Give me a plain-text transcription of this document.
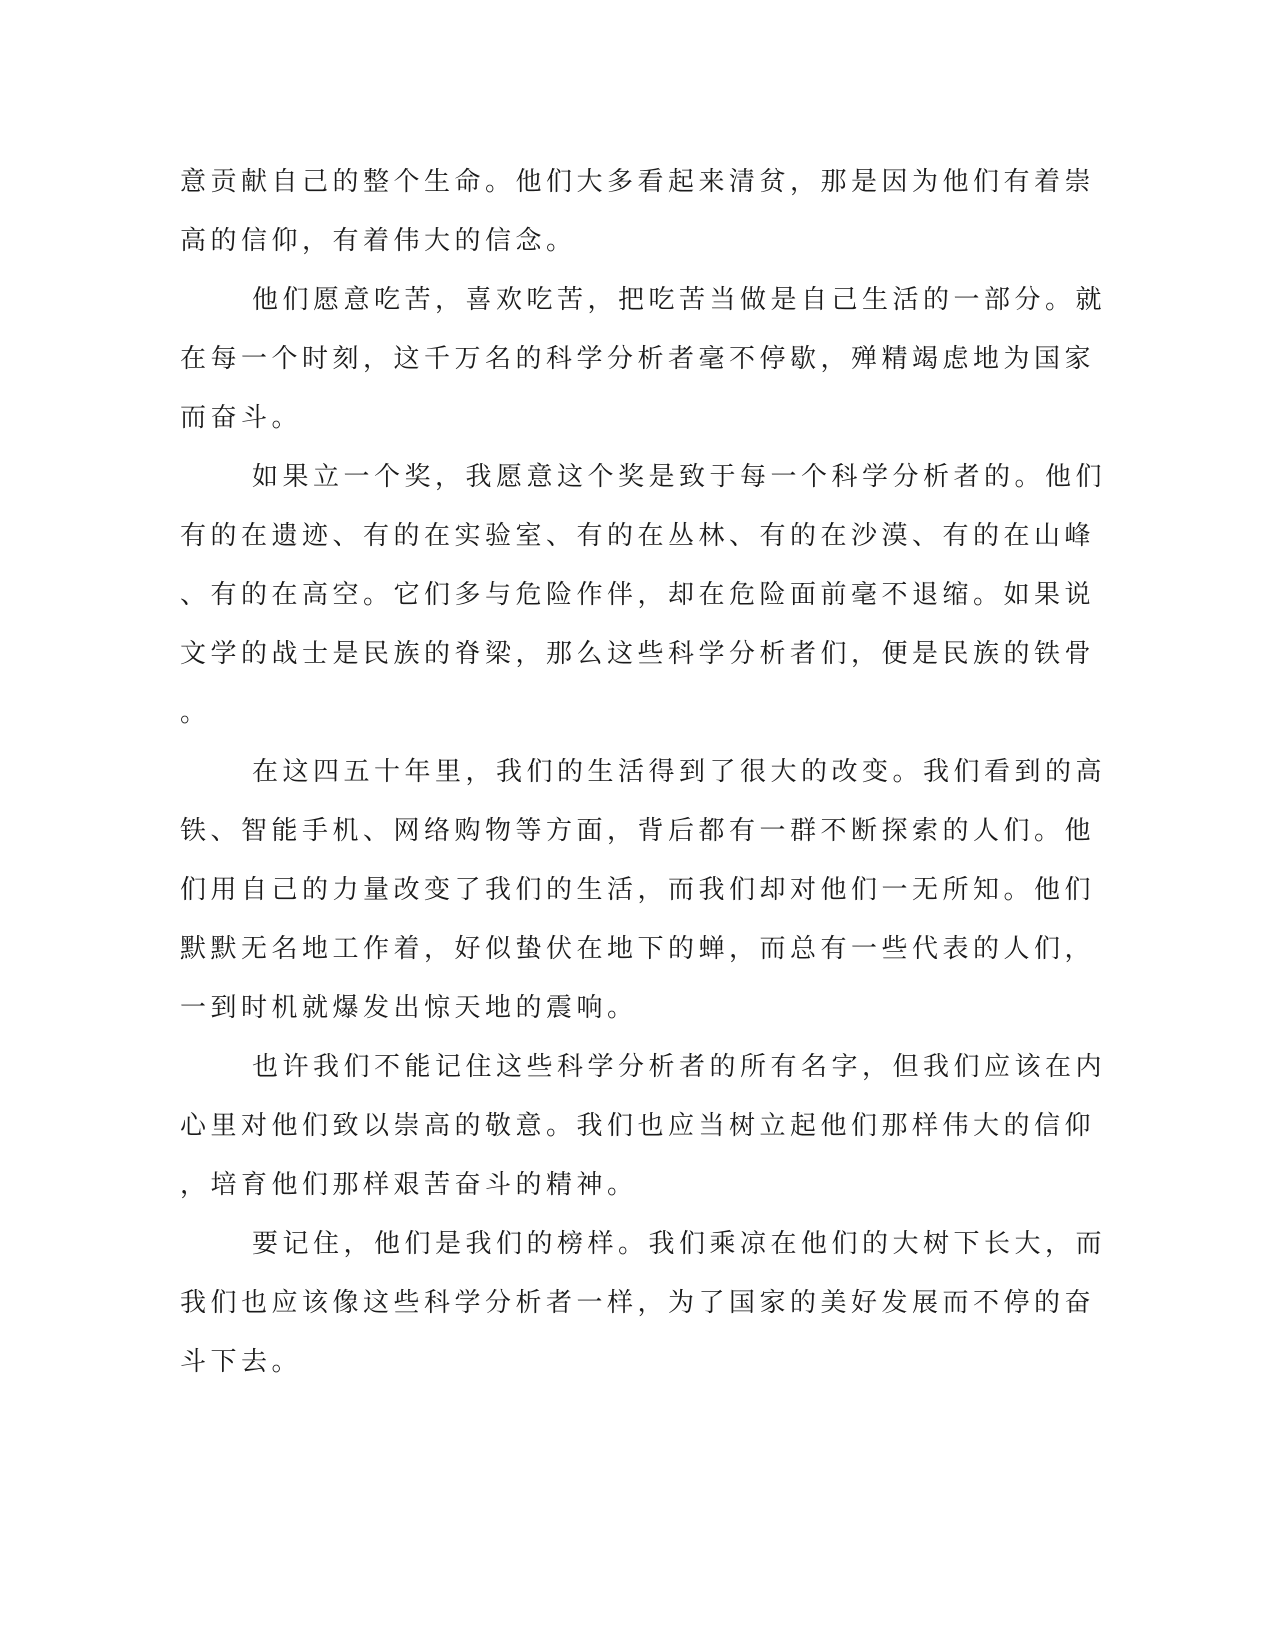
意贡献自己的整个生命。他们大多看起来清贫，那是因为他们有着崇

高的信仰，有着伟大的信念。

他们愿意吃苦，喜欢吃苦，把吃苦当做是自己生活的一部分。就

在每一个时刻，这千万名的科学分析者毫不停歇，殚精竭虑地为国家

而奋斗。

如果立一个奖，我愿意这个奖是致于每一个科学分析者的。他们

有的在遗迹、有的在实验室、有的在丛林、有的在沙漠、有的在山峰

、有的在高空。它们多与危险作伴，却在危险面前毫不退缩。如果说

文学的战士是民族的脊梁，那么这些科学分析者们，便是民族的铁骨

。

在这四五十年里，我们的生活得到了很大的改变。我们看到的高

铁、智能手机、网络购物等方面，背后都有一群不断探索的人们。他

们用自己的力量改变了我们的生活，而我们却对他们一无所知。他们

默默无名地工作着，好似蛰伏在地下的蝉，而总有一些代表的人们，

一到时机就爆发出惊天地的震响。

也许我们不能记住这些科学分析者的所有名字，但我们应该在内

心里对他们致以崇高的敬意。我们也应当树立起他们那样伟大的信仰

，培育他们那样艰苦奋斗的精神。

要记住，他们是我们的榜样。我们乘凉在他们的大树下长大，而

我们也应该像这些科学分析者一样，为了国家的美好发展而不停的奋

斗下去。
